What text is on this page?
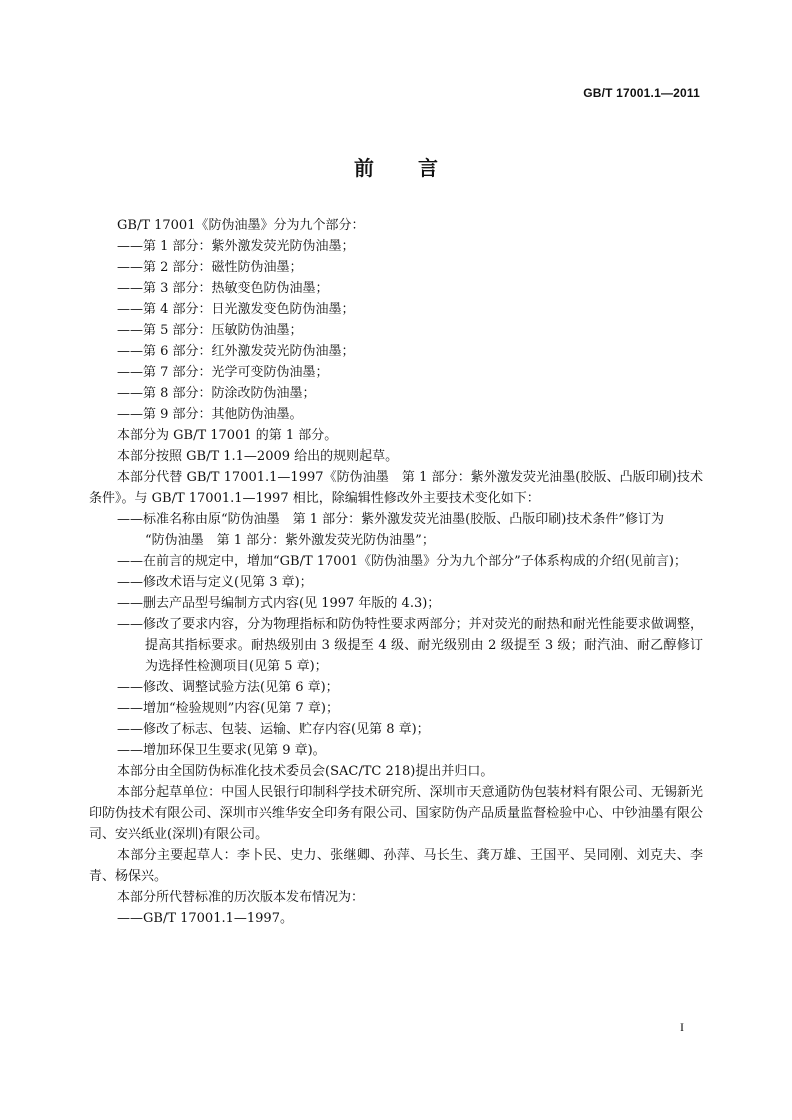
GB/T 17001.1—2011
前 言

GB/T 17001《防伪油墨》分为九个部分：

——第 1 部分：紫外激发荧光防伪油墨；

——第 2 部分：磁性防伪油墨；

——第 3 部分：热敏变色防伪油墨；

——第 4 部分：日光激发变色防伪油墨；

——第 5 部分：压敏防伪油墨；

——第 6 部分：红外激发荧光防伪油墨；

——第 7 部分：光学可变防伪油墨；

——第 8 部分：防涂改防伪油墨；

——第 9 部分：其他防伪油墨。

本部分为 GB/T 17001 的第 1 部分。

本部分按照 GB/T 1.1—2009 给出的规则起草。

本部分代替 GB/T 17001.1—1997《防伪油墨　第 1 部分：紫外激发荧光油墨(胶版、凸版印刷)技术条件》。与 GB/T 17001.1—1997 相比，除编辑性修改外主要技术变化如下：

——标准名称由原“防伪油墨　第 1 部分：紫外激发荧光油墨(胶版、凸版印刷)技术条件”修订为

“防伪油墨　第 1 部分：紫外激发荧光防伪油墨”；

——在前言的规定中，增加“GB/T 17001《防伪油墨》分为九个部分”子体系构成的介绍(见前言)；

——修改术语与定义(见第 3 章)；

——删去产品型号编制方式内容(见 1997 年版的 4.3)；

——修改了要求内容，分为物理指标和防伪特性要求两部分；并对荧光的耐热和耐光性能要求做调整，提高其指标要求。耐热级别由 3 级提至 4 级、耐光级别由 2 级提至 3 级；耐汽油、耐乙醇修订为选择性检测项目(见第 5 章)；

——修改、调整试验方法(见第 6 章)；

——增加“检验规则”内容(见第 7 章)；

——修改了标志、包装、运输、贮存内容(见第 8 章)；

——增加环保卫生要求(见第 9 章)。

本部分由全国防伪标准化技术委员会(SAC/TC 218)提出并归口。

本部分起草单位：中国人民银行印制科学技术研究所、深圳市天意通防伪包装材料有限公司、无锡新光印防伪技术有限公司、深圳市兴维华安全印务有限公司、国家防伪产品质量监督检验中心、中钞油墨有限公司、安兴纸业(深圳)有限公司。

本部分主要起草人：李卜民、史力、张继卿、孙萍、马长生、龚万雄、王国平、吴同刚、刘克夫、李青、杨保兴。

本部分所代替标准的历次版本发布情况为：

——GB/T 17001.1—1997。

I
